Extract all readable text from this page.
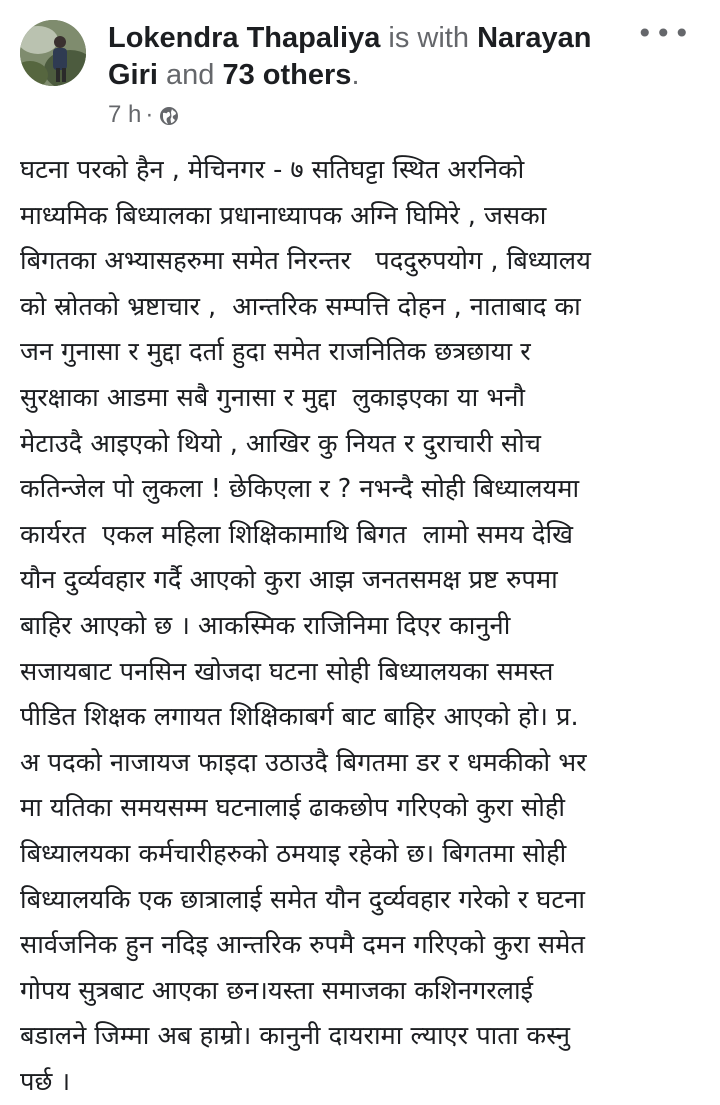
Lokendra Thapaliya is with Narayan Giri and 73 others.
•••
7 h ·
घटना परको हैन , मेचिनगर - ७ सतिघट्टा स्थित अरनिको
माध्यमिक बिध्यालका प्रधानाध्यापक अग्नि घिमिरे , जसका
बिगतका अभ्यासहरुमा समेत निरन्तर   पददुरुपयोग , बिध्यालय
को स्रोतको भ्रष्टाचार ,  आन्तरिक सम्पत्ति दोहन , नाताबाद का
जन गुनासा र मुद्दा दर्ता हुदा समेत राजनितिक छत्रछाया र
सुरक्षाका आडमा सबै गुनासा र मुद्दा  लुकाइएका या भनौ
मेटाउदै आइएको थियो , आखिर कु नियत र दुराचारी सोच
कतिन्जेल पो लुकला ! छेकिएला र ? नभन्दै सोही बिध्यालयमा
कार्यरत  एकल महिला शिक्षिकामाथि बिगत  लामो समय देखि
यौन दुर्व्यवहार गर्दै आएको कुरा आझ जनतसमक्ष प्रष्ट रुपमा
बाहिर आएको छ । आकस्मिक राजिनिमा दिएर कानुनी
सजायबाट पनसिन खोजदा घटना सोही बिध्यालयका समस्त
पीडित शिक्षक लगायत शिक्षिकाबर्ग बाट बाहिर आएको हो। प्र.
अ पदको नाजायज फाइदा उठाउदै बिगतमा डर र धमकीको भर
मा यतिका समयसम्म घटनालाई ढाकछोप गरिएको कुरा सोही
बिध्यालयका कर्मचारीहरुको ठमयाइ रहेको छ। बिगतमा सोही
बिध्यालयकि एक छात्रालाई समेत यौन दुर्व्यवहार गरेको र घटना
सार्वजनिक हुन नदिइ आन्तरिक रुपमै दमन गरिएको कुरा समेत
गोपय सुत्रबाट आएका छन।यस्ता समाजका कशिनगरलाई
बडालने जिम्मा अब हाम्रो। कानुनी दायरामा ल्याएर पाता कस्नु
पर्छ ।
